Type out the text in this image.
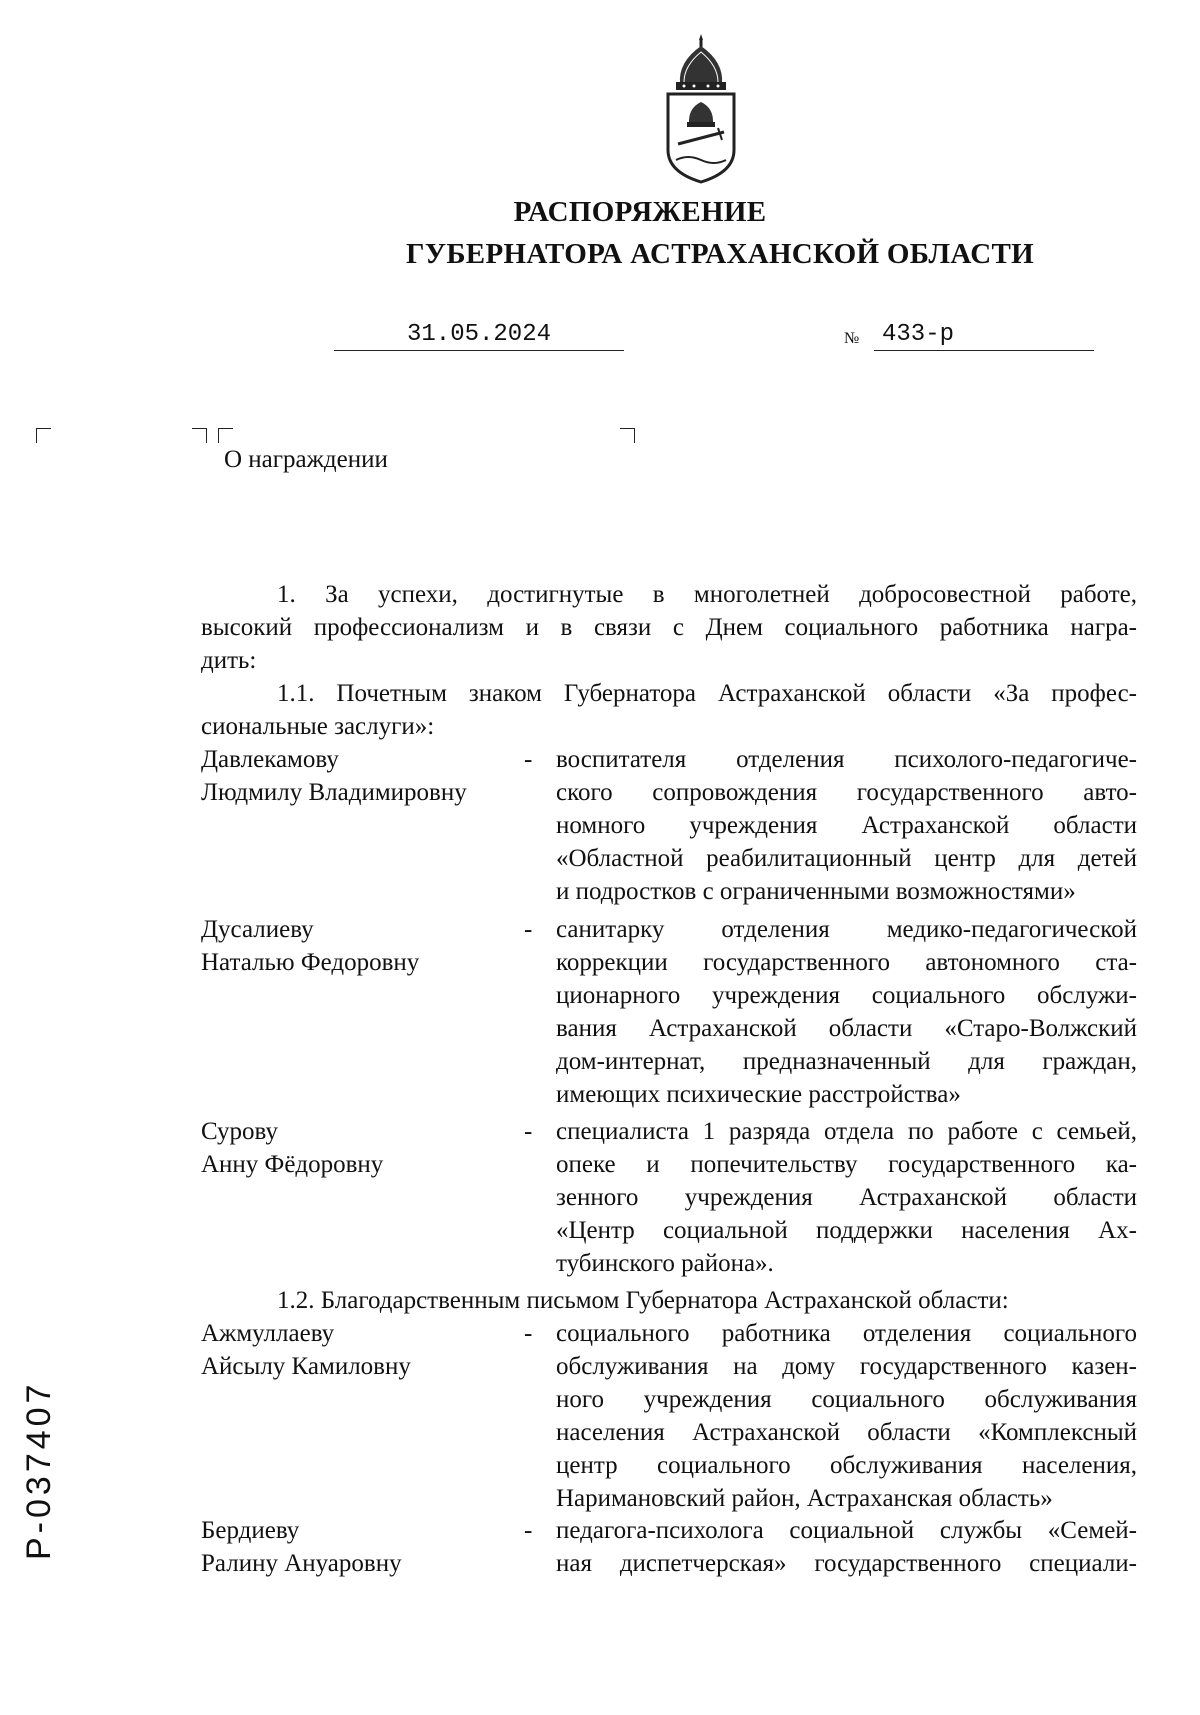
РАСПОРЯЖЕНИЕ
ГУБЕРНАТОРА АСТРАХАНСКОЙ ОБЛАСТИ
31.05.2024	№ 433-р
О награждении
1. За успехи, достигнутые в многолетней добросовестной работе,
высокий профессионализм и в связи с Днем социального работника награ-
дить:
1.1. Почетным знаком Губернатора Астраханской области «За профес-
сиональные заслуги»:
Давлекамову
Людмилу Владимировну
- воспитателя отделения психолого-педагогиче-
ского сопровождения государственного авто-
номного учреждения Астраханской области
«Областной реабилитационный центр для детей
и подростков с ограниченными возможностями»
Дусалиеву
Наталью Федоровну
- санитарку отделения медико-педагогической
коррекции государственного автономного ста-
ционарного учреждения социального обслужи-
вания Астраханской области «Старо-Волжский
дом-интернат, предназначенный для граждан,
имеющих психические расстройства»
Сурову
Анну Фёдоровну
- специалиста 1 разряда отдела по работе с семьей,
опеке и попечительству государственного ка-
зенного учреждения Астраханской области
«Центр социальной поддержки населения Ах-
тубинского района».
1.2. Благодарственным письмом Губернатора Астраханской области:
Ажмуллаеву
Айсылу Камиловну
- социального работника отделения социального
обслуживания на дому государственного казен-
ного учреждения социального обслуживания
населения Астраханской области «Комплексный
центр социального обслуживания населения,
Наримановский район, Астраханская область»
Бердиеву
Ралину Ануаровну
- педагога-психолога социальной службы «Семей-
ная диспетчерская» государственного специали-
Р-037407
